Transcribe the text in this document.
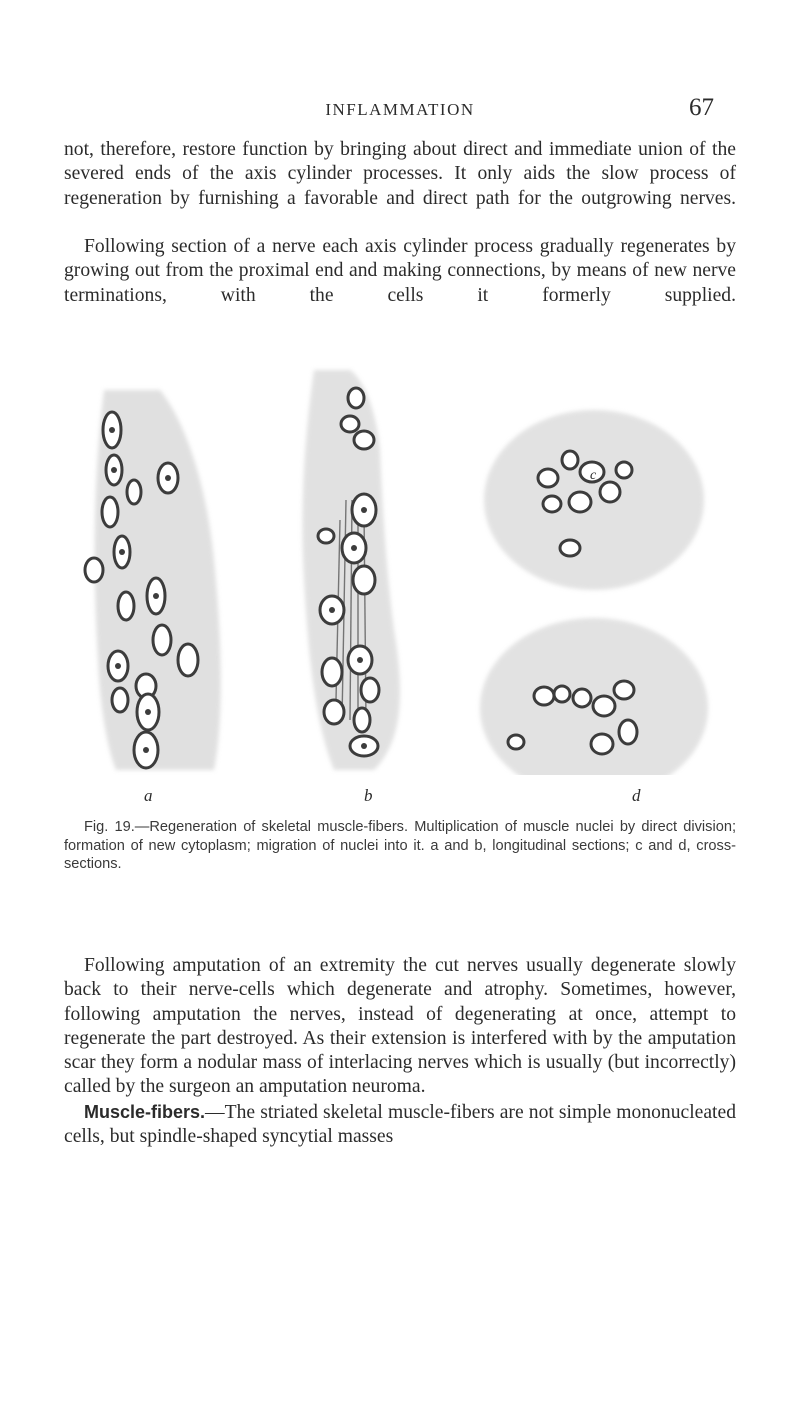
INFLAMMATION	67

not, therefore, restore function by bringing about direct and immediate union of the severed ends of the axis cylinder processes. It only aids the slow process of regeneration by furnishing a favorable and direct path for the outgrowing nerves.

Following section of a nerve each axis cylinder process gradually regenerates by growing out from the proximal end and making connections, by means of new nerve terminations, with the cells it formerly supplied.

a	b
c
d

Fig. 19.—Regeneration of skeletal muscle-fibers. Multiplication of muscle nuclei by direct division; formation of new cytoplasm; migration of nuclei into it. a and b, longitudinal sections; c and d, cross-sections.

Following amputation of an extremity the cut nerves usually degenerate slowly back to their nerve-cells which degenerate and atrophy. Sometimes, however, following amputation the nerves, instead of degenerating at once, attempt to regenerate the part destroyed. As their extension is interfered with by the amputation scar they form a nodular mass of interlacing nerves which is usually (but incorrectly) called by the surgeon an amputation neuroma.

Muscle-fibers.—The striated skeletal muscle-fibers are not simple mononucleated cells, but spindle-shaped syncytial masses
